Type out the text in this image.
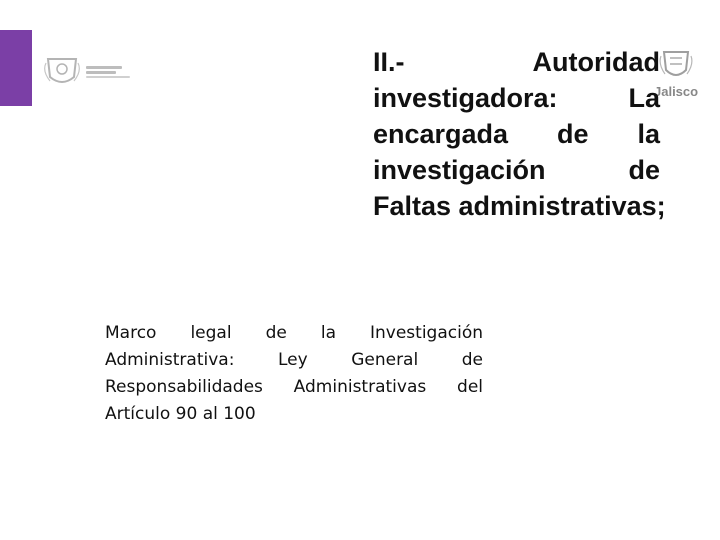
Jalisco
II.- Autoridad
investigadora: La
encargada de la
investigación de
Faltas administrativas;

Marco legal de la Investigación
Administrativa: Ley General de
Responsabilidades Administrativas del
Artículo 90 al 100
